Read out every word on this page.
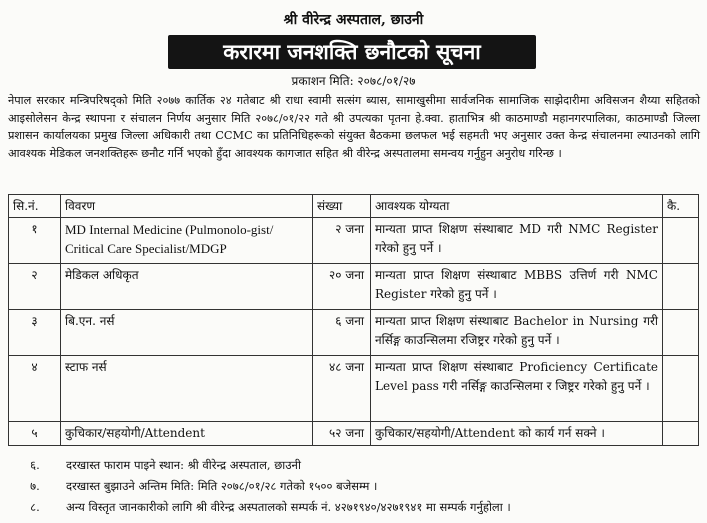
श्री वीरेन्द्र अस्पताल, छाउनी
करारमा जनशक्ति छनौटको सूचना
प्रकाशन मिति: २०७८/०१/२७

नेपाल सरकार मन्त्रिपरिषद्को मिति २०७७ कार्तिक २४ गतेबाट श्री राधा स्वामी सत्संग ब्यास, सामाखुसीमा सार्वजनिक सामाजिक साझेदारीमा अविसजन शैय्या सहितको आइसोलेसन केन्द्र स्थापना र संचालन निर्णय अनुसार मिति २०७८/०१/२२ गते श्री उपत्यका पृतना हे.क्वा. हाताभित्र श्री काठमाण्डौ महानगरपालिका, काठमाण्डौ जिल्ला प्रशासन कार्यालयका प्रमुख जिल्ला अधिकारी तथा CCMC का प्रतिनिधिहरूको संयुक्त बैठकमा छलफल भई सहमती भए अनुसार उक्त केन्द्र संचालनमा ल्याउनको लागि आवश्यक मेडिकल जनशक्तिहरू छनौट गर्नि भएको हुँदा आवश्यक कागजात सहित श्री वीरेन्द्र अस्पतालमा समन्वय गर्नुहुन अनुरोध गरिन्छ ।

सि.नं.	विवरण	संख्या	आवश्यक योग्यता	कै.
१	MD Internal Medicine (Pulmonolo-gist/ Critical Care Specialist/MDGP	२ जना	मान्यता प्राप्त शिक्षण संस्थाबाट MD गरी NMC Register गरेको हुनु पर्ने ।	
२	मेडिकल अधिकृत	२० जना	मान्यता प्राप्त शिक्षण संस्थाबाट MBBS उत्तिर्ण गरी NMC Register गरेको हुनु पर्ने ।	
३	बि.एन. नर्स	६ जना	मान्यता प्राप्त शिक्षण संस्थाबाट Bachelor in Nursing गरी नर्सिङ्ग काउन्सिलमा रजिष्ट्रर गरेको हुनु पर्ने ।	
४	स्टाफ नर्स	४८ जना	मान्यता प्राप्त शिक्षण संस्थाबाट Proficiency Certificate Level pass गरी नर्सिङ्ग काउन्सिलमा र जिष्ट्रर गरेको हुनु पर्ने ।	
५	कुचिकार/सहयोगी/Attendent	५२ जना	कुचिकार/सहयोगी/Attendent को कार्य गर्न सक्ने ।	
६.	दरखास्त फाराम पाइने स्थान: श्री वीरेन्द्र अस्पताल, छाउनी
७.	दरखास्त बुझाउने अन्तिम मिति: मिति २०७८/०१/२८ गतेको १५०० बजेसम्म ।
८.	अन्य विस्तृत जानकारीको लागि श्री वीरेन्द्र अस्पतालको सम्पर्क नं. ४२७१९४०/४२७१९४१ मा सम्पर्क गर्नुहोला ।
